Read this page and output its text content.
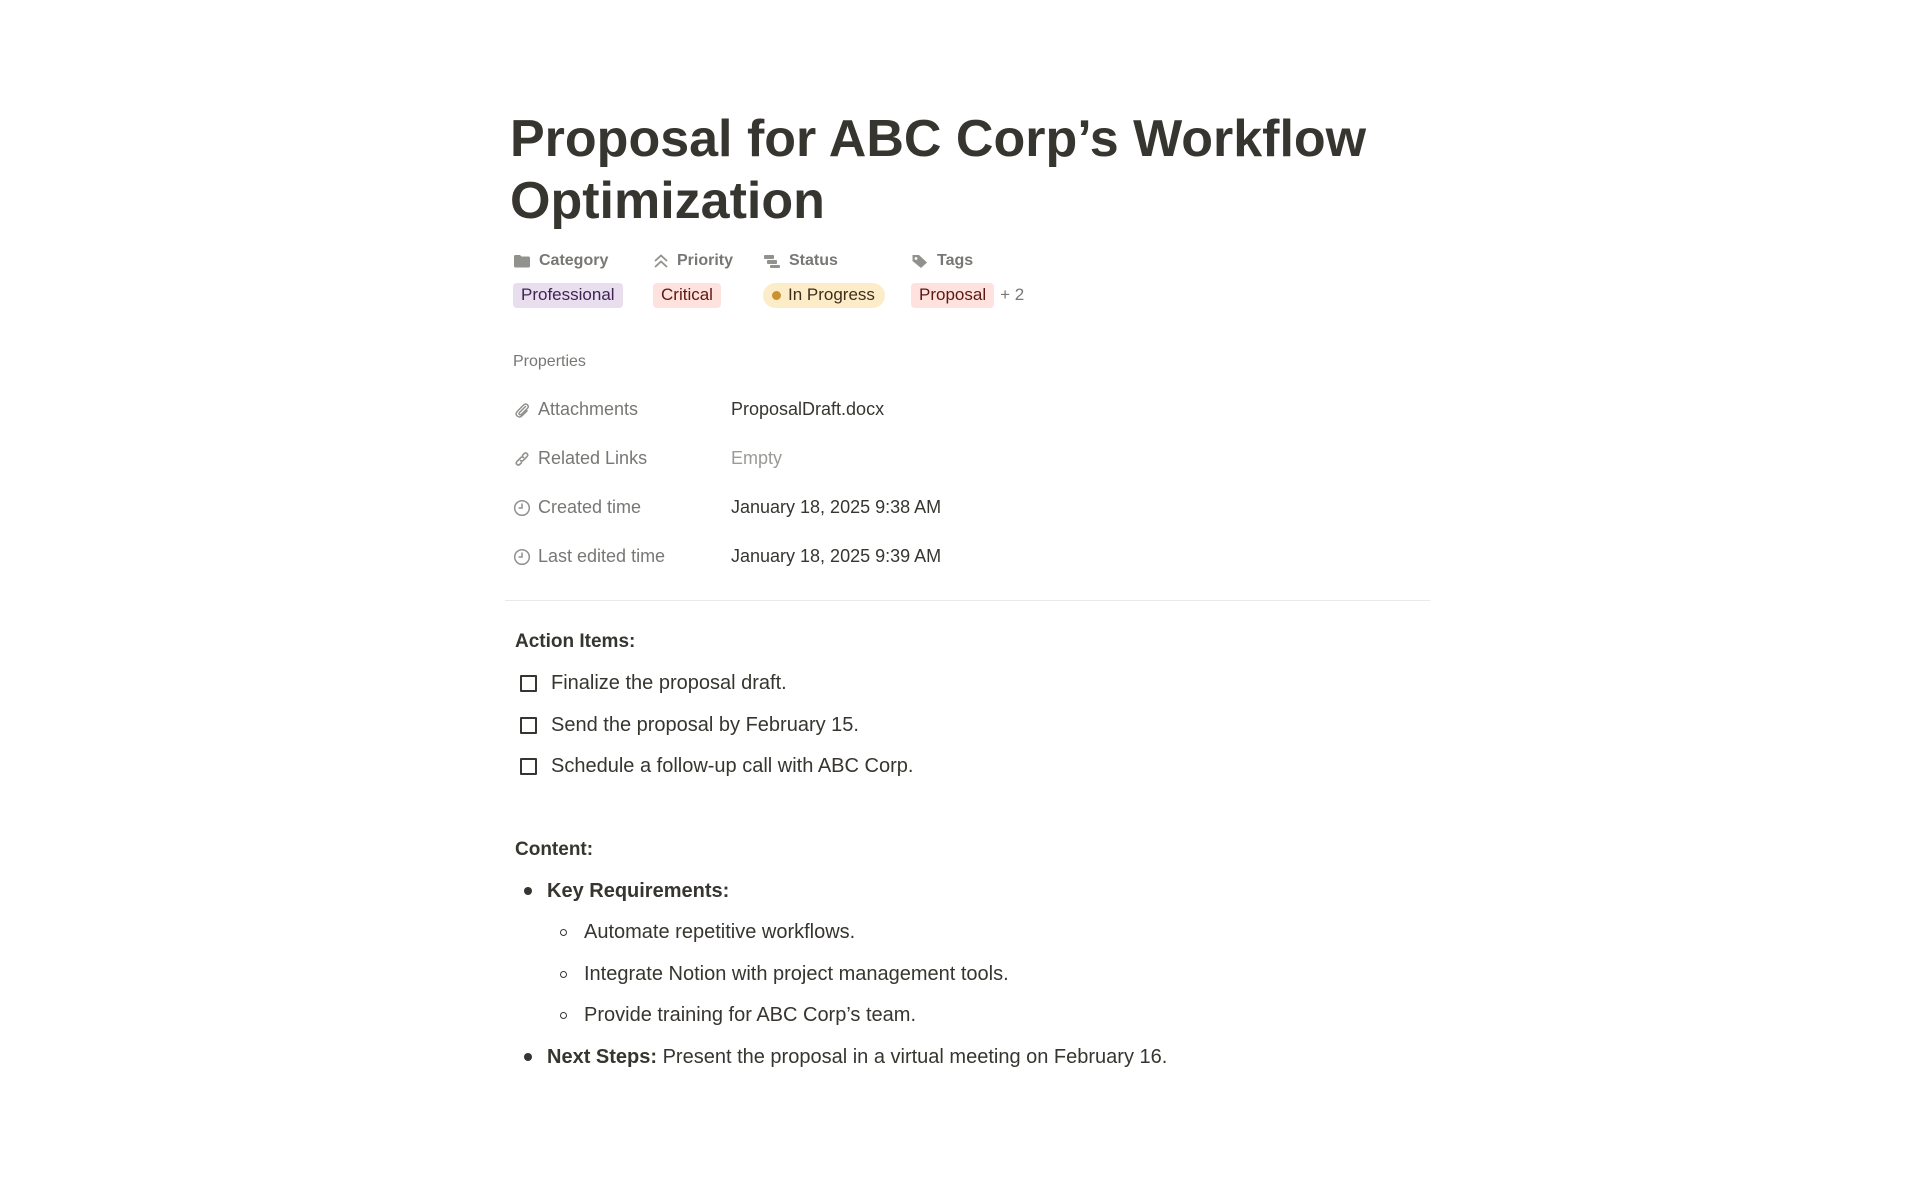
Proposal for ABC Corp’s Workflow Optimization
Category
Professional
Priority
Critical
Status
In Progress
Tags
Proposal + 2
Properties
Attachments	ProposalDraft.docx
Related Links	Empty
Created time	January 18, 2025 9:38 AM
Last edited time	January 18, 2025 9:39 AM
Action Items:
Finalize the proposal draft.
Send the proposal by February 15.
Schedule a follow-up call with ABC Corp.
Content:
Key Requirements:
Automate repetitive workflows.
Integrate Notion with project management tools.
Provide training for ABC Corp’s team.
Next Steps: Present the proposal in a virtual meeting on February 16.
